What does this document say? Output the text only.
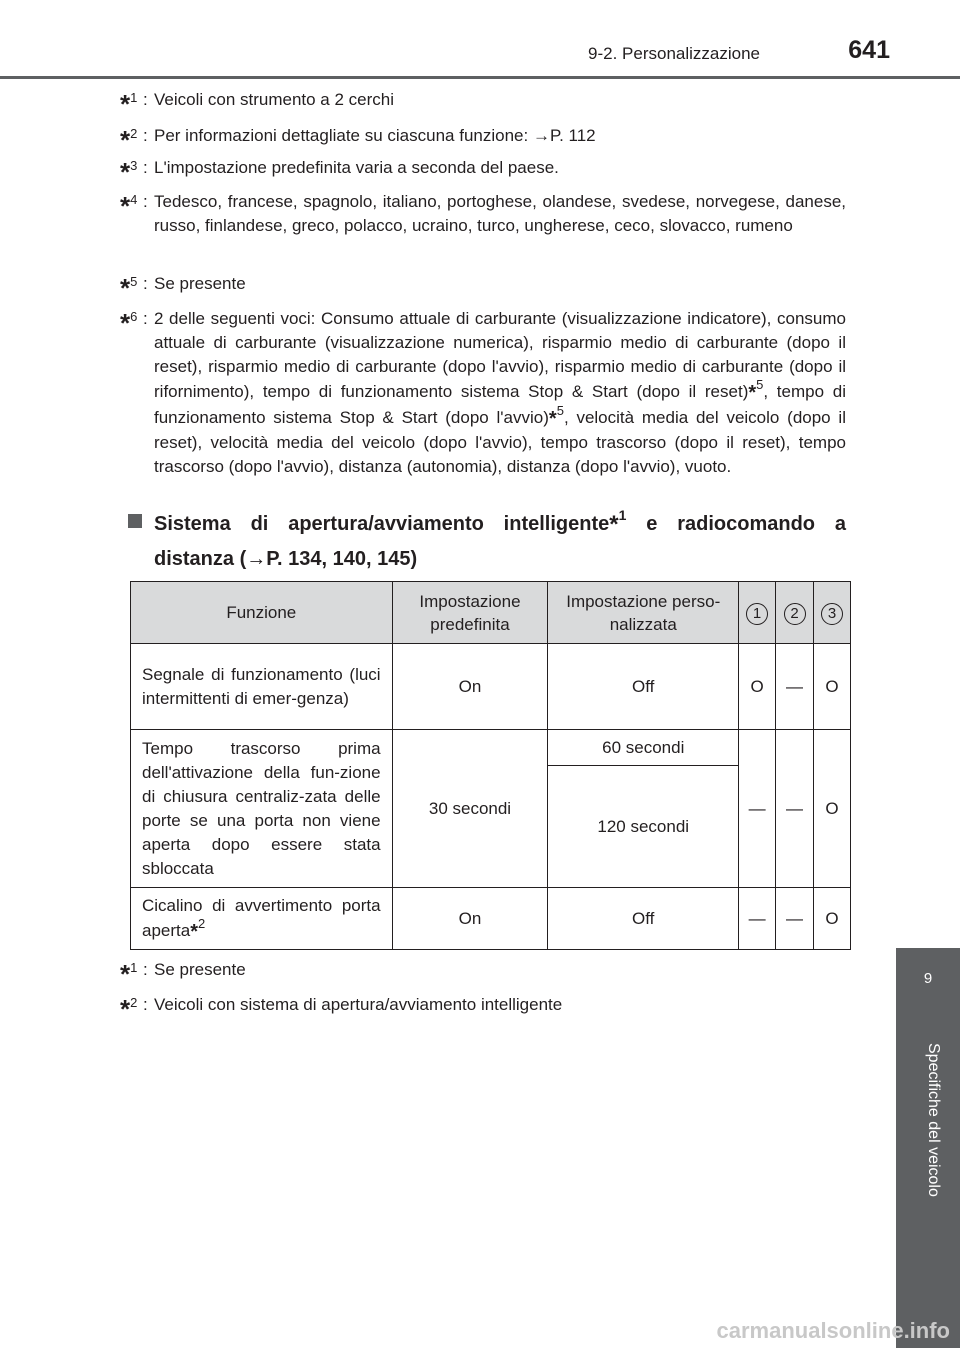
9-2. Personalizzazione	641
9
Specifiche del veicolo
*$^1$ : Veicoli con strumento a 2 cerchi
*$^2$ : Per informazioni dettagliate su ciascuna funzione: →P. 112
*$^3$ : L'impostazione predefinita varia a seconda del paese.
*$^4$ : Tedesco, francese, spagnolo, italiano, portoghese, olandese, svedese, norvegese, danese, russo, finlandese, greco, polacco, ucraino, turco, ungherese, ceco, slovacco, rumeno
*$^5$ : Se presente
*$^6$ : 2 delle seguenti voci: Consumo attuale di carburante (visualizzazione indicatore), consumo attuale di carburante (visualizzazione numerica), risparmio medio di carburante (dopo il reset), risparmio medio di carburante (dopo l'avvio), risparmio medio di carburante (dopo il rifornimento), tempo di funzionamento sistema Stop & Start (dopo il reset)*$^5$, tempo di funzionamento sistema Stop & Start (dopo l'avvio)*$^5$, velocità media del veicolo (dopo il reset), velocità media del veicolo (dopo l'avvio), tempo trascorso (dopo il reset), tempo trascorso (dopo l'avvio), distanza (autonomia), distanza (dopo l'avvio), vuoto.
Sistema di apertura/avviamento intelligente*$^1$ e radiocomando a
distanza (→P. 134, 140, 145)
Funzione	Impostazione predefinita	Impostazione perso-nalizzata	1	2	3
Segnale di funzionamento (luci intermittenti di emer-genza)	On	Off	O	—	O
Tempo trascorso prima dell'attivazione della fun-zione di chiusura centraliz-zata delle porte se una porta non viene aperta dopo essere stata sbloccata	30 secondi	60 secondi	—	—	O
		120 secondi			
Cicalino di avvertimento porta aperta*$^2$	On	Off	—	—	O
*$^1$ : Se presente
*$^2$ : Veicoli con sistema di apertura/avviamento intelligente
carmanualsonline.info
